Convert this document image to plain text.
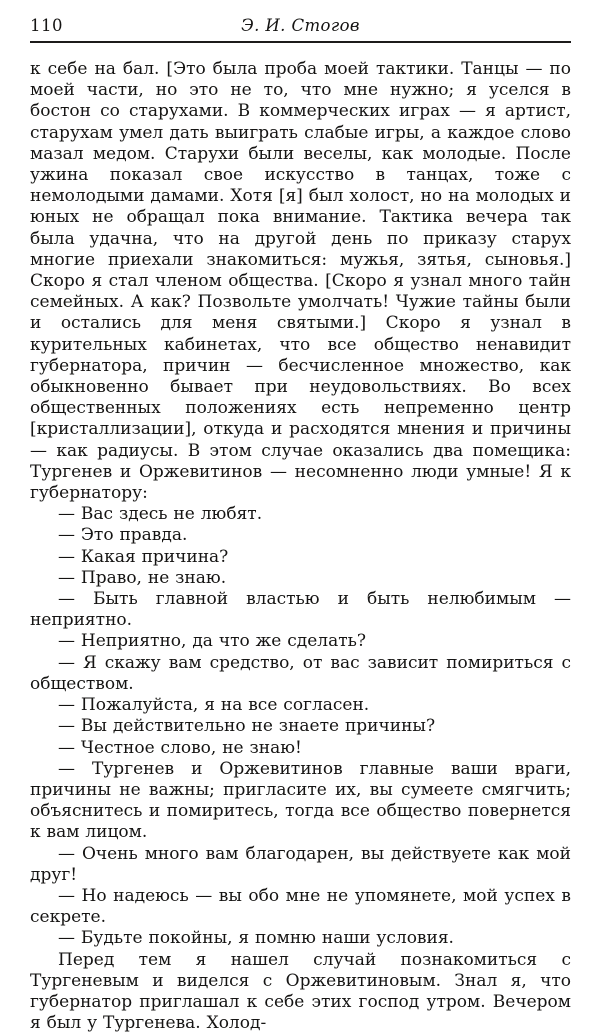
110	Э. И. Стогов

к себе на бал. [Это была проба моей тактики. Танцы — по моей части, но это не то, что мне нужно; я уселся в бостон со старухами. В коммерческих играх — я артист, старухам умел дать выиграть слабые игры, а каждое слово мазал медом. Старухи были веселы, как молодые. После ужина показал свое искусство в танцах, тоже с немолодыми дамами. Хотя [я] был холост, но на молодых и юных не обращал пока внимание. Тактика вечера так была удачна, что на другой день по приказу старух многие приехали знакомиться: мужья, зятья, сыновья.] Скоро я стал членом общества. [Скоро я узнал много тайн семейных. А как? Позвольте умолчать! Чужие тайны были и остались для меня святыми.] Скоро я узнал в курительных кабинетах, что все общество ненавидит губернатора, причин — бесчисленное множество, как обыкновенно бывает при неудовольствиях. Во всех общественных положениях есть непременно центр [кристаллизации], откуда и расходятся мнения и причины — как радиусы. В этом случае оказались два помещика: Тургенев и Оржевитинов — несомненно люди умные! Я к губернатору:

— Вас здесь не любят.

— Это правда.

— Какая причина?

— Право, не знаю.

— Быть главной властью и быть нелюбимым — неприятно.

— Неприятно, да что же сделать?

— Я скажу вам средство, от вас зависит помириться с обществом.

— Пожалуйста, я на все согласен.

— Вы действительно не знаете причины?

— Честное слово, не знаю!

— Тургенев и Оржевитинов главные ваши враги, причины не важны; пригласите их, вы сумеете смягчить; объяснитесь и помиритесь, тогда все общество повернется к вам лицом.

— Очень много вам благодарен, вы действуете как мой друг!

— Но надеюсь — вы обо мне не упомянете, мой успех в секрете.

— Будьте покойны, я помню наши условия.

Перед тем я нашел случай познакомиться с Тургеневым и виделся с Оржевитиновым. Знал я, что губернатор приглашал к себе этих господ утром. Вечером я был у Тургенева. Холод-
